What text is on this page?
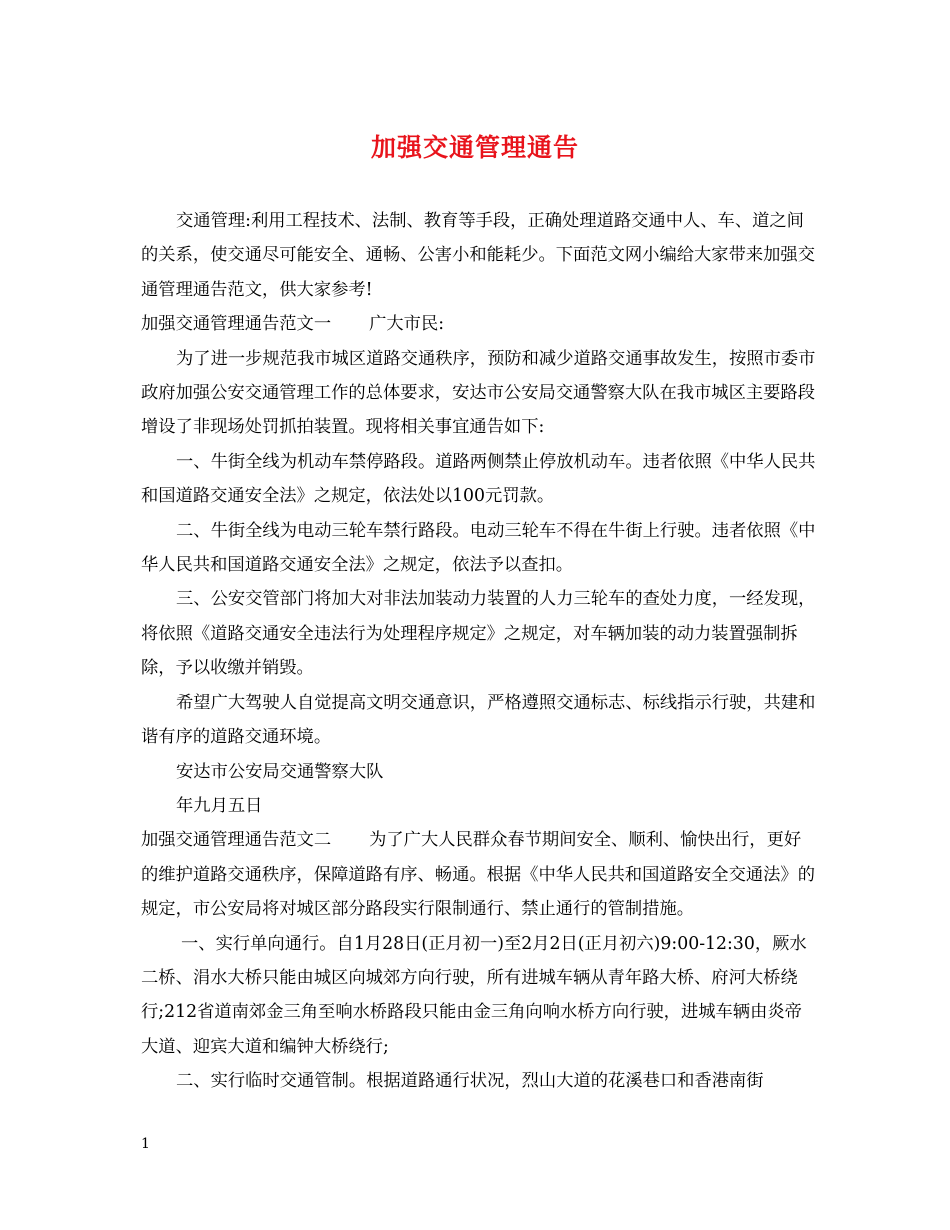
加强交通管理通告

交通管理:利用工程技术、法制、教育等手段，正确处理道路交通中人、车、道之间的关系，使交通尽可能安全、通畅、公害小和能耗少。下面范文网小编给大家带来加强交通管理通告范文，供大家参考!

加强交通管理通告范文一 广大市民:

为了进一步规范我市城区道路交通秩序，预防和减少道路交通事故发生，按照市委市政府加强公安交通管理工作的总体要求，安达市公安局交通警察大队在我市城区主要路段增设了非现场处罚抓拍装置。现将相关事宜通告如下:

一、牛街全线为机动车禁停路段。道路两侧禁止停放机动车。违者依照《中华人民共和国道路交通安全法》之规定，依法处以100元罚款。

二、牛街全线为电动三轮车禁行路段。电动三轮车不得在牛街上行驶。违者依照《中华人民共和国道路交通安全法》之规定，依法予以查扣。

三、公安交管部门将加大对非法加装动力装置的人力三轮车的查处力度，一经发现，将依照《道路交通安全违法行为处理程序规定》之规定，对车辆加装的动力装置强制拆除，予以收缴并销毁。

希望广大驾驶人自觉提高文明交通意识，严格遵照交通标志、标线指示行驶，共建和谐有序的道路交通环境。

安达市公安局交通警察大队

年九月五日

加强交通管理通告范文二 为了广大人民群众春节期间安全、顺利、愉快出行，更好的维护道路交通秩序，保障道路有序、畅通。根据《中华人民共和国道路安全交通法》的规定，市公安局将对城区部分路段实行限制通行、禁止通行的管制措施。

一、实行单向通行。自1月28日(正月初一)至2月2日(正月初六)9:00-12:30，厥水二桥、涓水大桥只能由城区向城郊方向行驶，所有进城车辆从青年路大桥、府河大桥绕行;212省道南郊金三角至响水桥路段只能由金三角向响水桥方向行驶，进城车辆由炎帝大道、迎宾大道和编钟大桥绕行;

二、实行临时交通管制。根据道路通行状况，烈山大道的花溪巷口和香港南街

1
